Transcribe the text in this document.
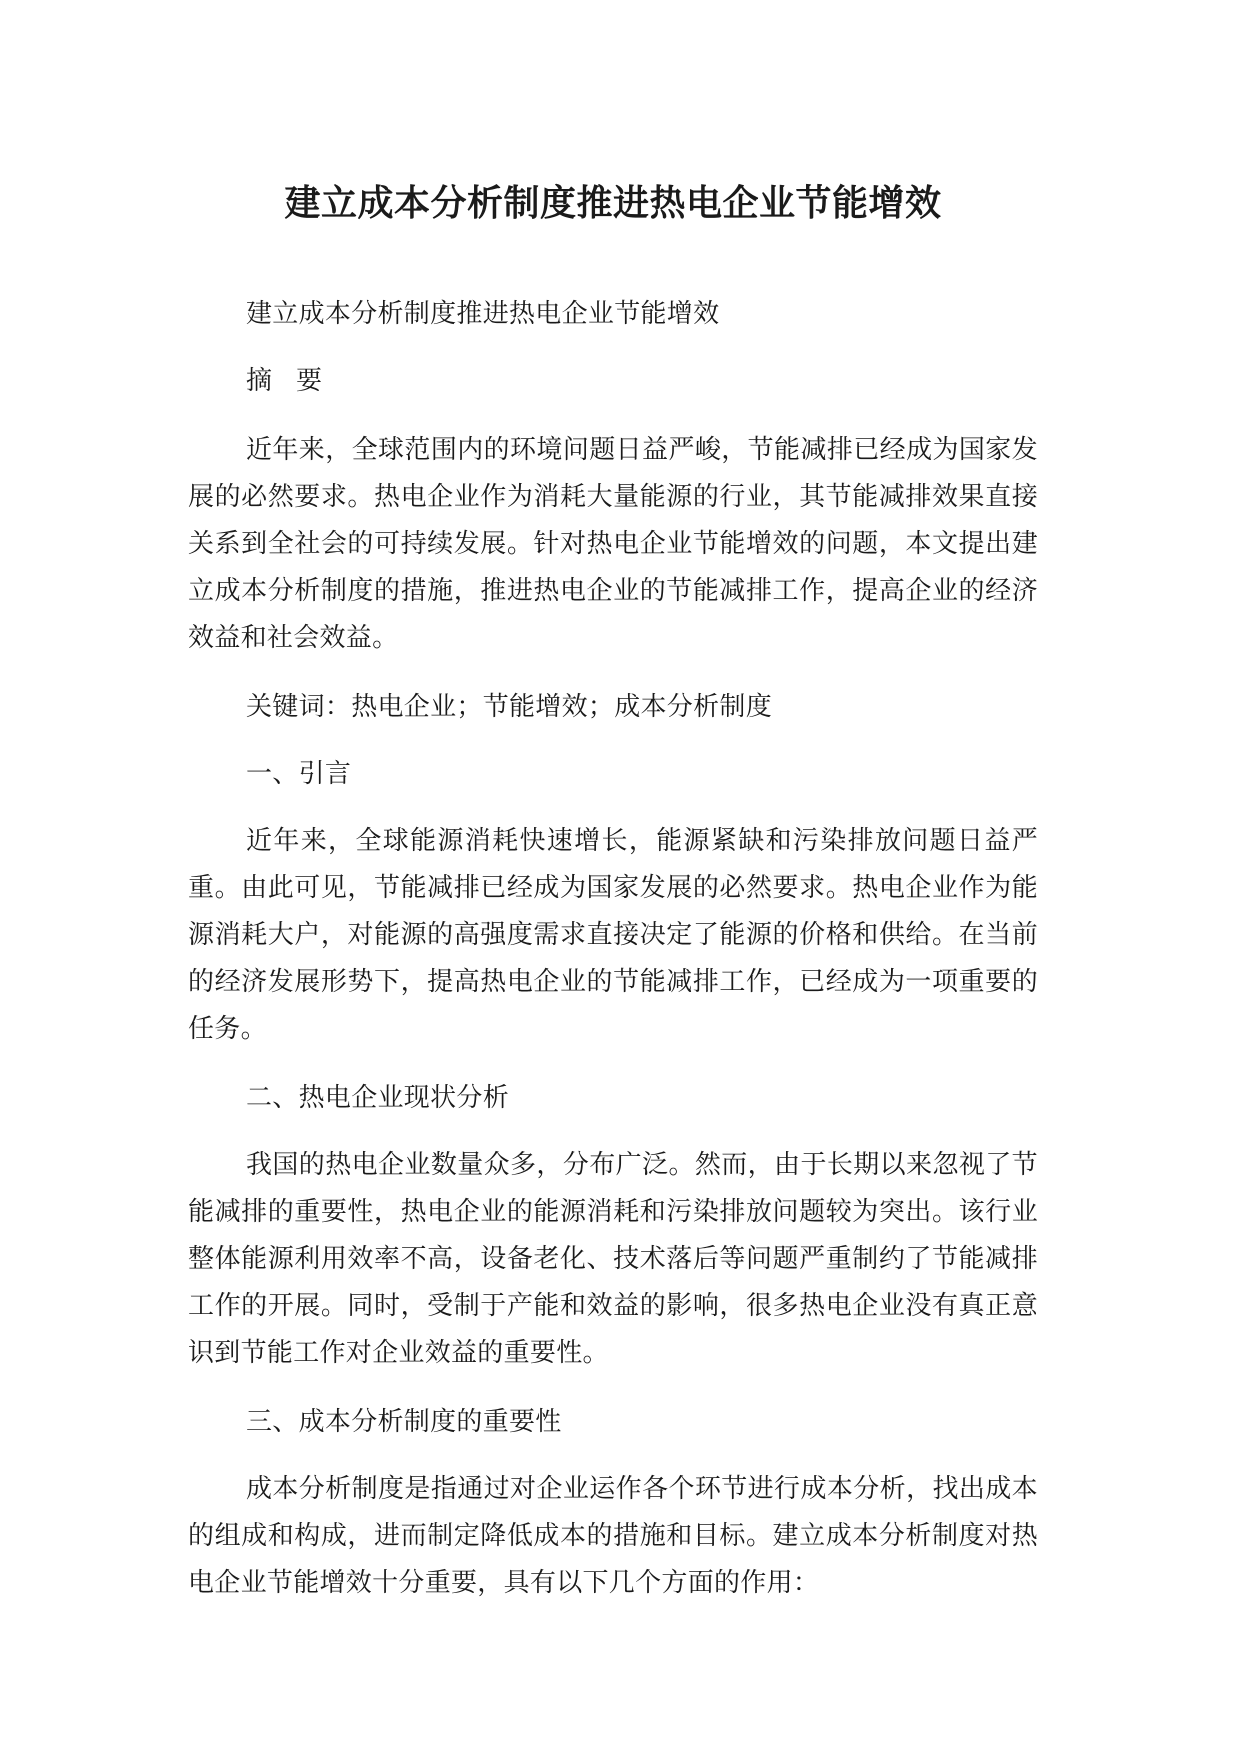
建立成本分析制度推进热电企业节能增效

建立成本分析制度推进热电企业节能增效

摘要

近年来，全球范围内的环境问题日益严峻，节能减排已经成为国家发展的必然要求。热电企业作为消耗大量能源的行业，其节能减排效果直接关系到全社会的可持续发展。针对热电企业节能增效的问题，本文提出建立成本分析制度的措施，推进热电企业的节能减排工作，提高企业的经济效益和社会效益。

关键词：热电企业；节能增效；成本分析制度

一、引言

近年来，全球能源消耗快速增长，能源紧缺和污染排放问题日益严重。由此可见，节能减排已经成为国家发展的必然要求。热电企业作为能源消耗大户，对能源的高强度需求直接决定了能源的价格和供给。在当前的经济发展形势下，提高热电企业的节能减排工作，已经成为一项重要的任务。

二、热电企业现状分析

我国的热电企业数量众多，分布广泛。然而，由于长期以来忽视了节能减排的重要性，热电企业的能源消耗和污染排放问题较为突出。该行业整体能源利用效率不高，设备老化、技术落后等问题严重制约了节能减排工作的开展。同时，受制于产能和效益的影响，很多热电企业没有真正意识到节能工作对企业效益的重要性。

三、成本分析制度的重要性

成本分析制度是指通过对企业运作各个环节进行成本分析，找出成本的组成和构成，进而制定降低成本的措施和目标。建立成本分析制度对热电企业节能增效十分重要，具有以下几个方面的作用：
